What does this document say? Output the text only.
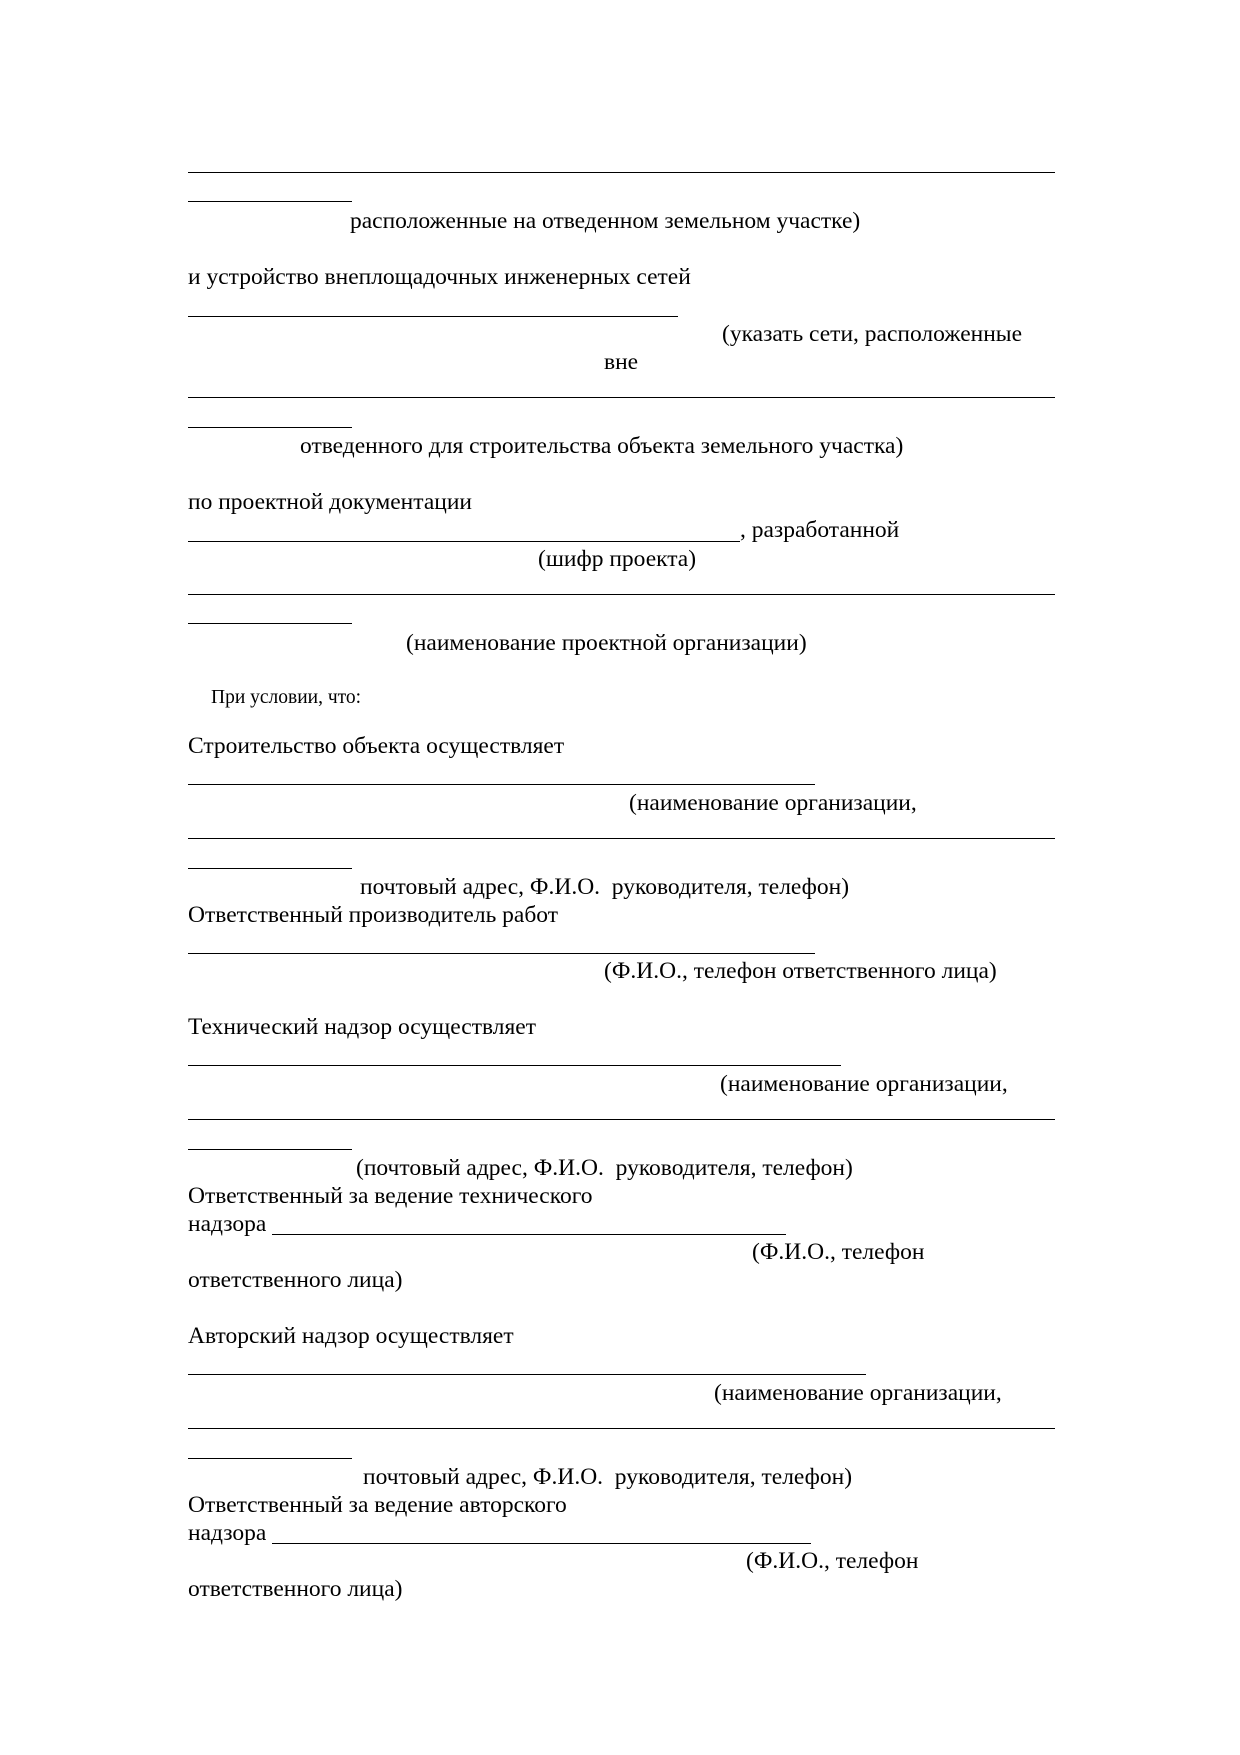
расположенные на отведенном земельном участке)
и устройство внеплощадочных инженерных сетей
(указать сети, расположенные
вне
отведенного для строительства объекта земельного участка)
по проектной документации
, разработанной
(шифр проекта)
(наименование проектной организации)
При условии, что:
Строительство объекта осуществляет
(наименование организации,
почтовый адрес, Ф.И.О.  руководителя, телефон)
Ответственный производитель работ
(Ф.И.О., телефон ответственного лица)
Технический надзор осуществляет
(наименование организации,
(почтовый адрес, Ф.И.О.  руководителя, телефон)
Ответственный за ведение технического
надзора
(Ф.И.О., телефон
ответственного лица)
Авторский надзор осуществляет
(наименование организации,
почтовый адрес, Ф.И.О.  руководителя, телефон)
Ответственный за ведение авторского
надзора
(Ф.И.О., телефон
ответственного лица)
